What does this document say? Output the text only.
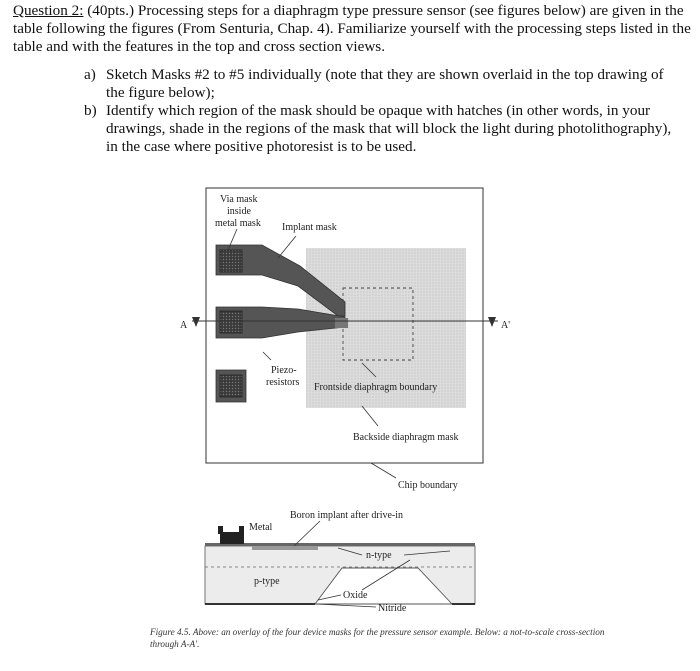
Question 2: (40pts.) Processing steps for a diaphragm type pressure sensor (see figures below) are given in the table following the figures (From Senturia, Chap. 4). Familiarize yourself with the processing steps listed in the table and with the features in the top and cross section views.
a) Sketch Masks #2 to #5 individually (note that they are shown overlaid in the top drawing of the figure below);
b) Identify which region of the mask should be opaque with hatches (in other words, in your drawings, shade in the regions of the mask that will block the light during photolithography), in the case where positive photoresist is to be used.
Via mask
inside
metal mask Implant mask
Piezo-
resistors Frontside diaphragm boundary
Backside diaphragm mask
Chip boundary
A	A'
Boron implant after drive-in
Metal
n-type
p-type
Oxide
Nitride
Figure 4.5. Above: an overlay of the four device masks for the pressure sensor example. Below: a not-to-scale cross-section through A-A'.
